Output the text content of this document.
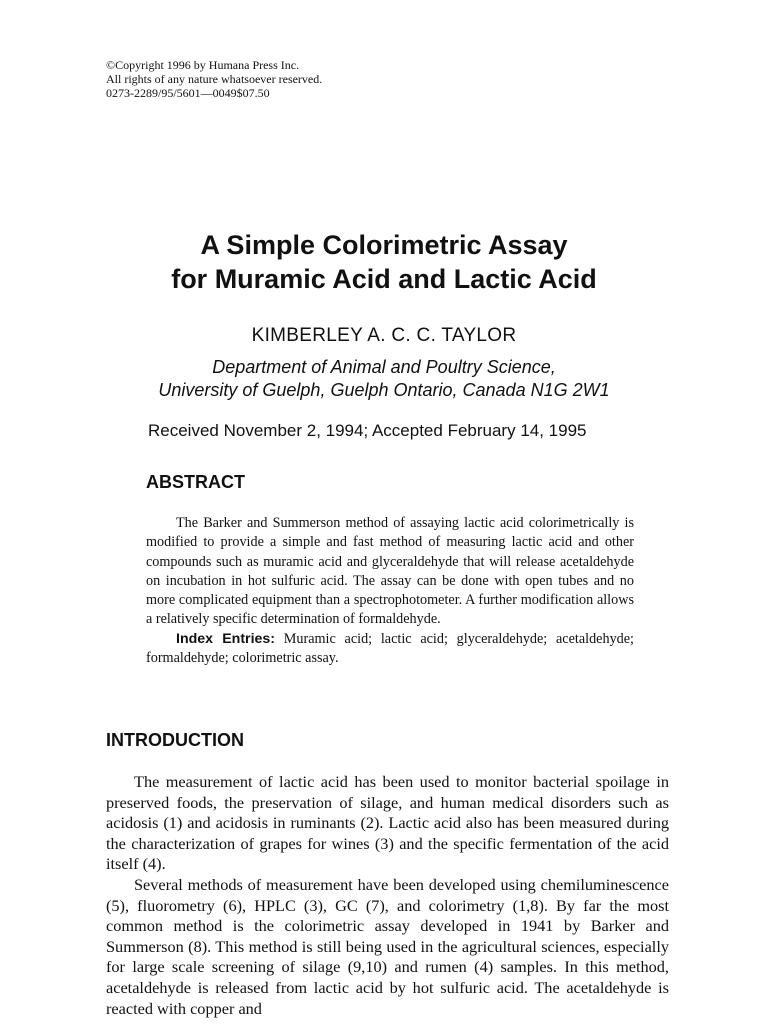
©Copyright 1996 by Humana Press Inc.
All rights of any nature whatsoever reserved.
0273-2289/95/5601—0049$07.50
A Simple Colorimetric Assay
for Muramic Acid and Lactic Acid
KIMBERLEY A. C. C. TAYLOR
Department of Animal and Poultry Science,
University of Guelph, Guelph Ontario, Canada N1G 2W1
Received November 2, 1994; Accepted February 14, 1995
ABSTRACT

The Barker and Summerson method of assaying lactic acid colorimetrically is modified to provide a simple and fast method of measuring lactic acid and other compounds such as muramic acid and glyceraldehyde that will release acetaldehyde on incubation in hot sulfuric acid. The assay can be done with open tubes and no more complicated equipment than a spectrophotometer. A further modification allows a relatively specific determination of formaldehyde.

Index Entries: Muramic acid; lactic acid; glyceraldehyde; acetaldehyde; formaldehyde; colorimetric assay.

INTRODUCTION

The measurement of lactic acid has been used to monitor bacterial spoilage in preserved foods, the preservation of silage, and human medical disorders such as acidosis (1) and acidosis in ruminants (2). Lactic acid also has been measured during the characterization of grapes for wines (3) and the specific fermentation of the acid itself (4).

Several methods of measurement have been developed using chemiluminescence (5), fluorometry (6), HPLC (3), GC (7), and colorimetry (1,8). By far the most common method is the colorimetric assay developed in 1941 by Barker and Summerson (8). This method is still being used in the agricultural sciences, especially for large scale screening of silage (9,10) and rumen (4) samples. In this method, acetaldehyde is released from lactic acid by hot sulfuric acid. The acetaldehyde is reacted with copper and
